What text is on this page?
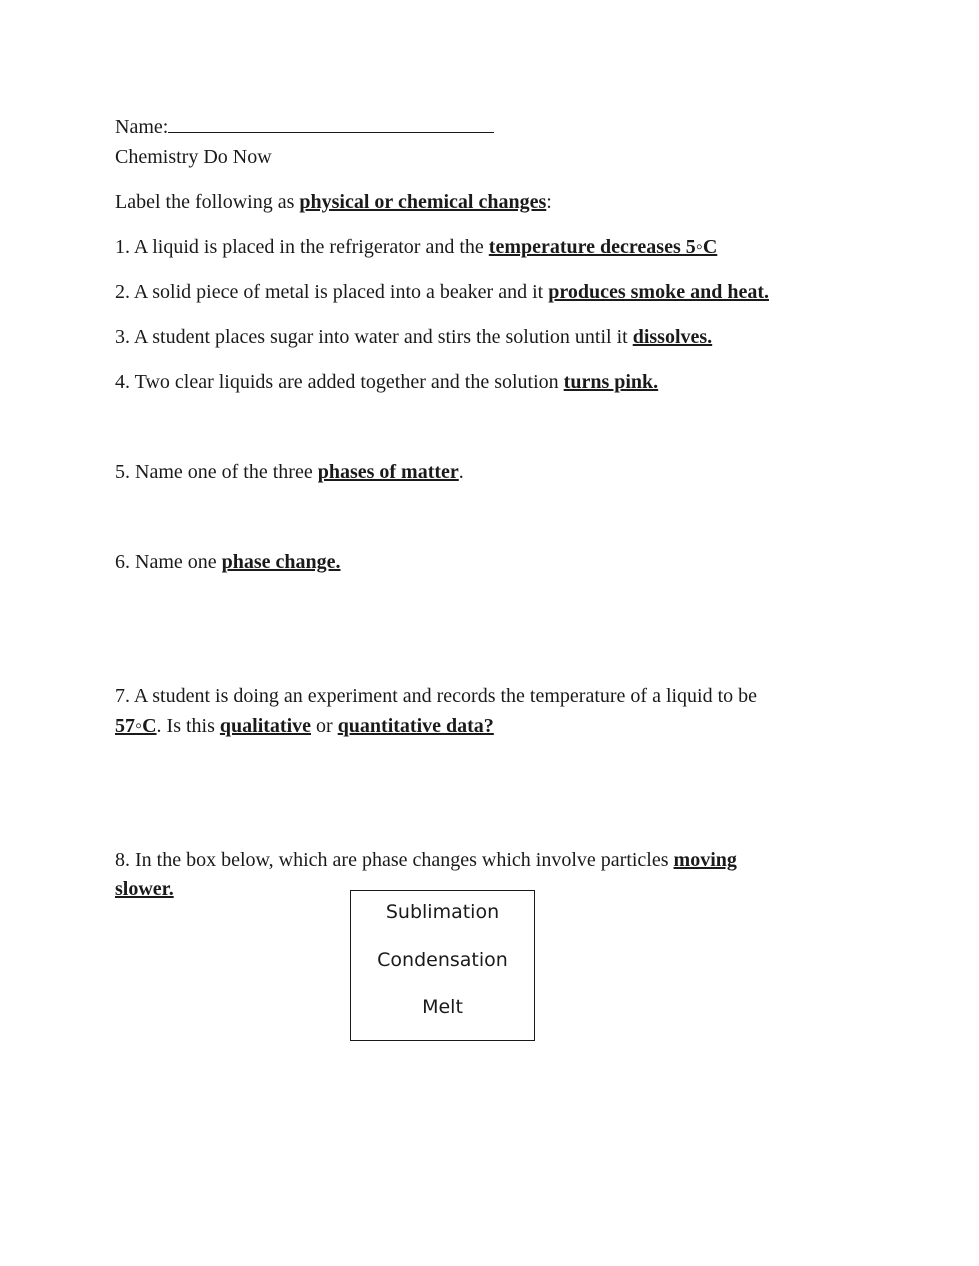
Name:
Chemistry Do Now
Label the following as physical or chemical changes:
1. A liquid is placed in the refrigerator and the temperature decreases 5◦C
2. A solid piece of metal is placed into a beaker and it produces smoke and heat.
3. A student places sugar into water and stirs the solution until it dissolves.
4. Two clear liquids are added together and the solution turns pink.
5. Name one of the three phases of matter.
6. Name one phase change.
7. A student is doing an experiment and records the temperature of a liquid to be
57◦C. Is this qualitative or quantitative data?
8. In the box below, which are phase changes which involve particles moving
slower.
Sublimation
Condensation
Melt
